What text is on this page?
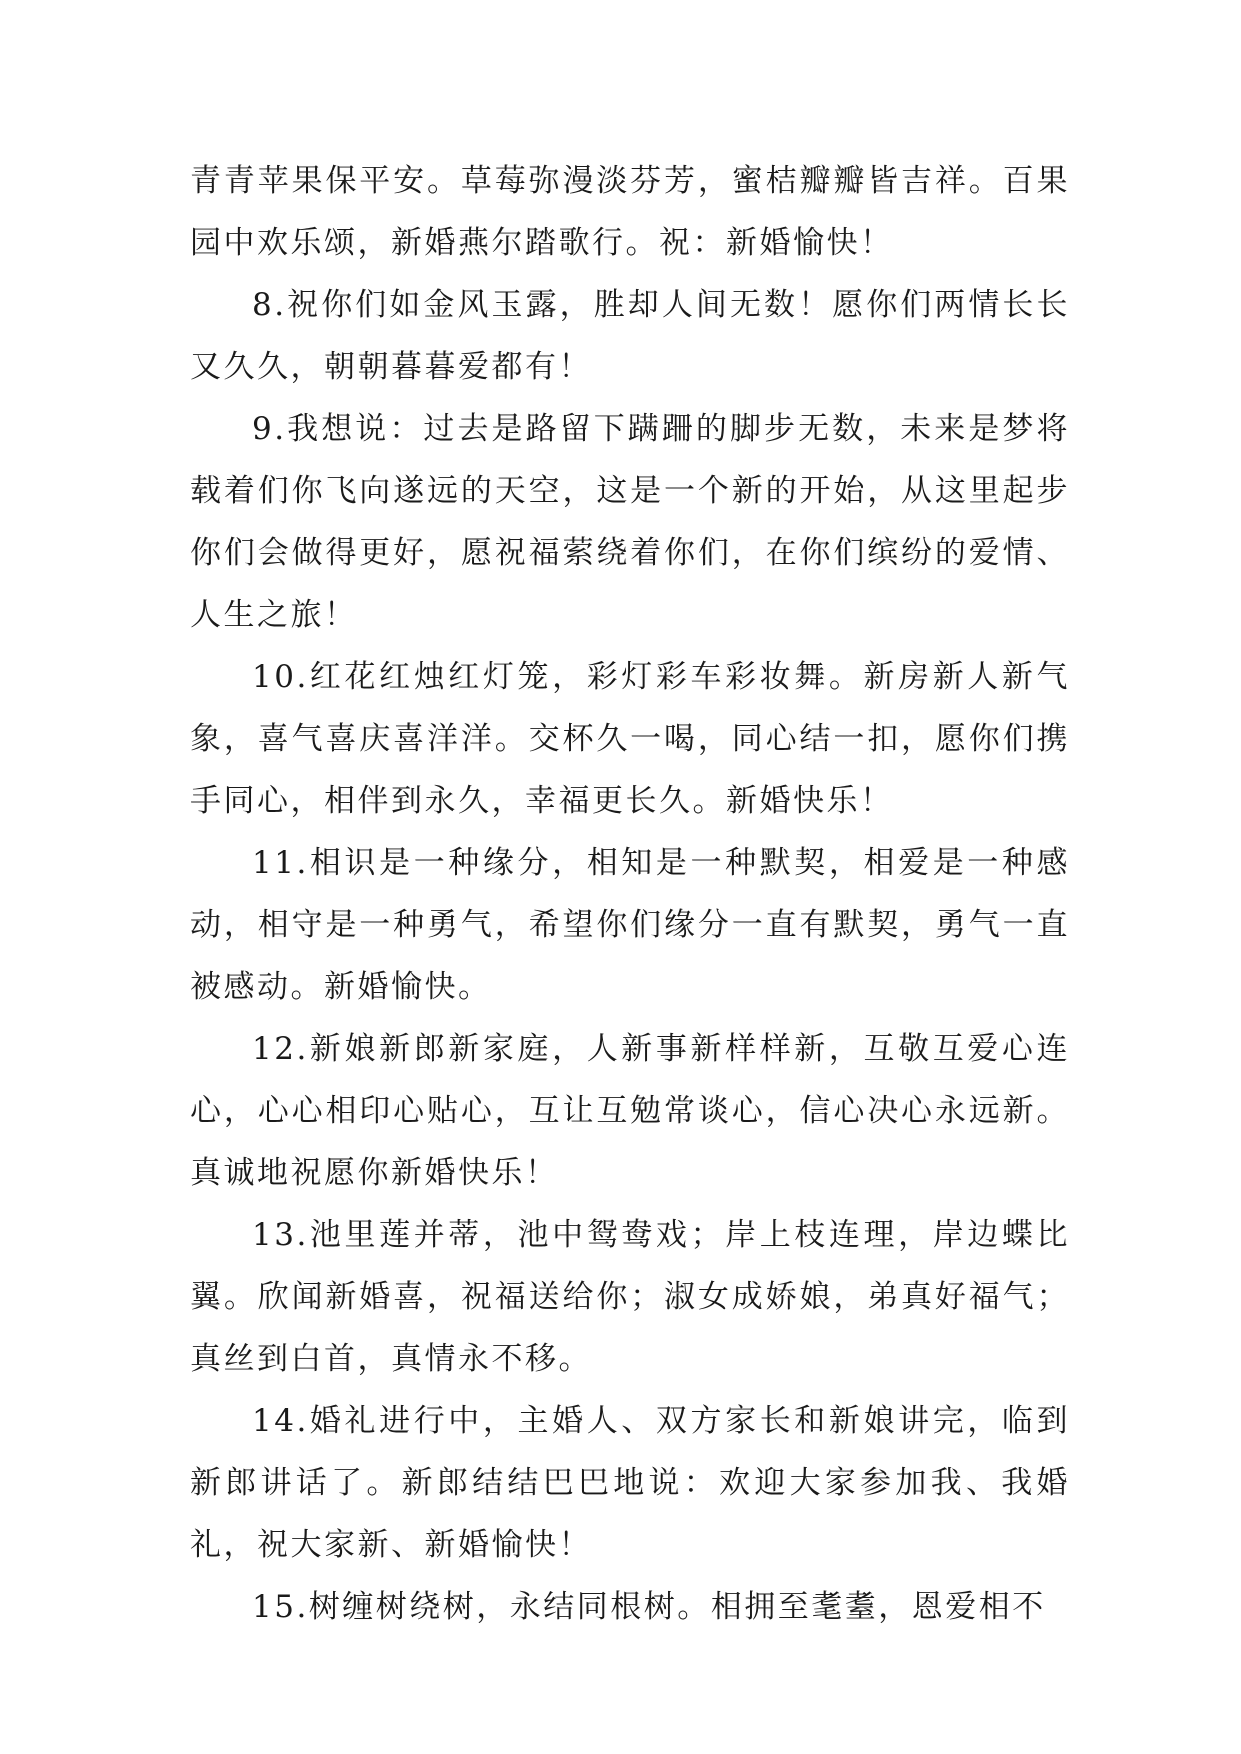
青青苹果保平安。草莓弥漫淡芬芳，蜜桔瓣瓣皆吉祥。百果园中欢乐颂，新婚燕尔踏歌行。祝：新婚愉快！

8.祝你们如金风玉露，胜却人间无数！愿你们两情长长又久久，朝朝暮暮爱都有！

9.我想说：过去是路留下蹒跚的脚步无数，未来是梦将载着们你飞向遂远的天空，这是一个新的开始，从这里起步你们会做得更好，愿祝福萦绕着你们，在你们缤纷的爱情、人生之旅！

10.红花红烛红灯笼，彩灯彩车彩妆舞。新房新人新气象，喜气喜庆喜洋洋。交杯久一喝，同心结一扣，愿你们携手同心，相伴到永久，幸福更长久。新婚快乐！

11.相识是一种缘分，相知是一种默契，相爱是一种感动，相守是一种勇气，希望你们缘分一直有默契，勇气一直被感动。新婚愉快。

12.新娘新郎新家庭，人新事新样样新，互敬互爱心连心，心心相印心贴心，互让互勉常谈心，信心决心永远新。真诚地祝愿你新婚快乐！

13.池里莲并蒂，池中鸳鸯戏；岸上枝连理，岸边蝶比翼。欣闻新婚喜，祝福送给你；淑女成娇娘，弟真好福气；真丝到白首，真情永不移。

14.婚礼进行中，主婚人、双方家长和新娘讲完，临到新郎讲话了。新郎结结巴巴地说：欢迎大家参加我、我婚礼，祝大家新、新婚愉快！

15.树缠树绕树，永结同根树。相拥至耄耋，恩爱相不
